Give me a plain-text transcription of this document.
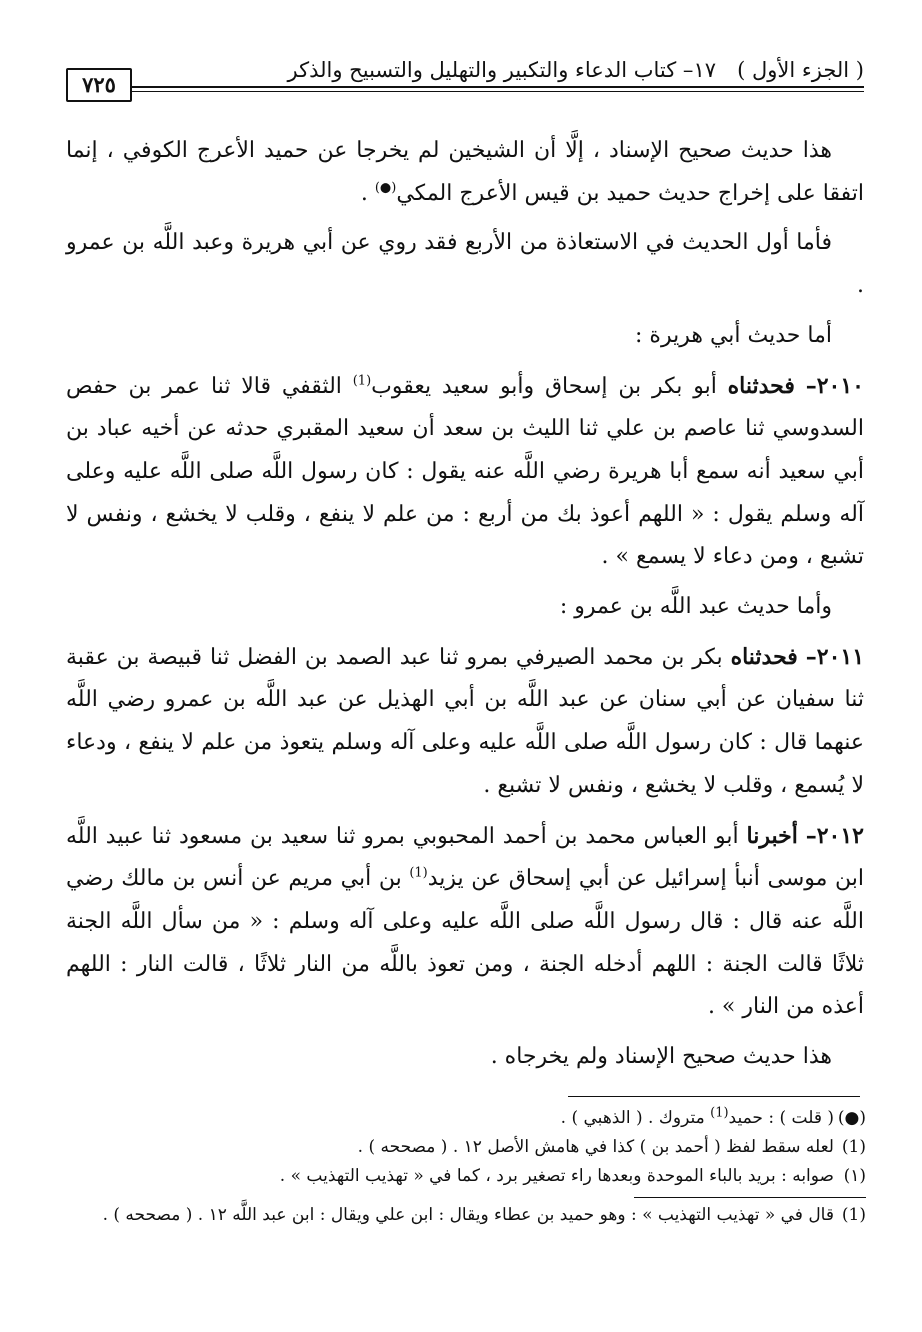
( الجزء الأول )
١٧– كتاب الدعاء والتكبير والتهليل والتسبيح والذكر
٧٢٥

هذا حديث صحيح الإسناد ، إلَّا أن الشيخين لم يخرجا عن حميد الأعرج الكوفي ، إنما اتفقا على إخراج حديث حميد بن قيس الأعرج المكي(●) .

فأما أول الحديث في الاستعاذة من الأربع فقد روي عن أبي هريرة وعبد اللَّه بن عمرو .

أما حديث أبي هريرة :

٢٠١٠– فحدثناه أبو بكر بن إسحاق وأبو سعيد يعقوب$^{(1)}$ الثقفي قالا ثنا عمر بن حفص السدوسي ثنا عاصم بن علي ثنا الليث بن سعد أن سعيد المقبري حدثه عن أخيه عباد بن أبي سعيد أنه سمع أبا هريرة رضي اللَّه عنه يقول : كان رسول اللَّه صلى اللَّه عليه وعلى آله وسلم يقول : « اللهم أعوذ بك من أربع : من علم لا ينفع ، وقلب لا يخشع ، ونفس لا تشبع ، ومن دعاء لا يسمع » .

وأما حديث عبد اللَّه بن عمرو :

٢٠١١– فحدثناه بكر بن محمد الصيرفي بمرو ثنا عبد الصمد بن الفضل ثنا قبيصة بن عقبة ثنا سفيان عن أبي سنان عن عبد اللَّه بن أبي الهذيل عن عبد اللَّه بن عمرو رضي اللَّه عنهما قال : كان رسول اللَّه صلى اللَّه عليه وعلى آله وسلم يتعوذ من علم لا ينفع ، ودعاء لا يُسمع ، وقلب لا يخشع ، ونفس لا تشبع .

٢٠١٢– أخبرنا أبو العباس محمد بن أحمد المحبوبي بمرو ثنا سعيد بن مسعود ثنا عبيد اللَّه ابن موسى أنبأ إسرائيل عن أبي إسحاق عن يزيد$^{(1)}$ بن أبي مريم عن أنس بن مالك رضي اللَّه عنه قال : قال رسول اللَّه صلى اللَّه عليه وعلى آله وسلم : « من سأل اللَّه الجنة ثلاثًا قالت الجنة : اللهم أدخله الجنة ، ومن تعوذ باللَّه من النار ثلاثًا ، قالت النار : اللهم أعذه من النار » .

هذا حديث صحيح الإسناد ولم يخرجاه .

(●)
( قلت ) : حميد$^{(1)}$ متروك . ( الذهبي ) .

(1)
لعله سقط لفظ ( أحمد بن ) كذا في هامش الأصل ١٢ . ( مصححه ) .

(١)
صوابه : بريد بالباء الموحدة وبعدها راء تصغير برد ، كما في « تهذيب التهذيب » .

(1)
قال في « تهذيب التهذيب » : وهو حميد بن عطاء ويقال : ابن علي ويقال : ابن عبد اللَّه ١٢ . ( مصححه ) .
